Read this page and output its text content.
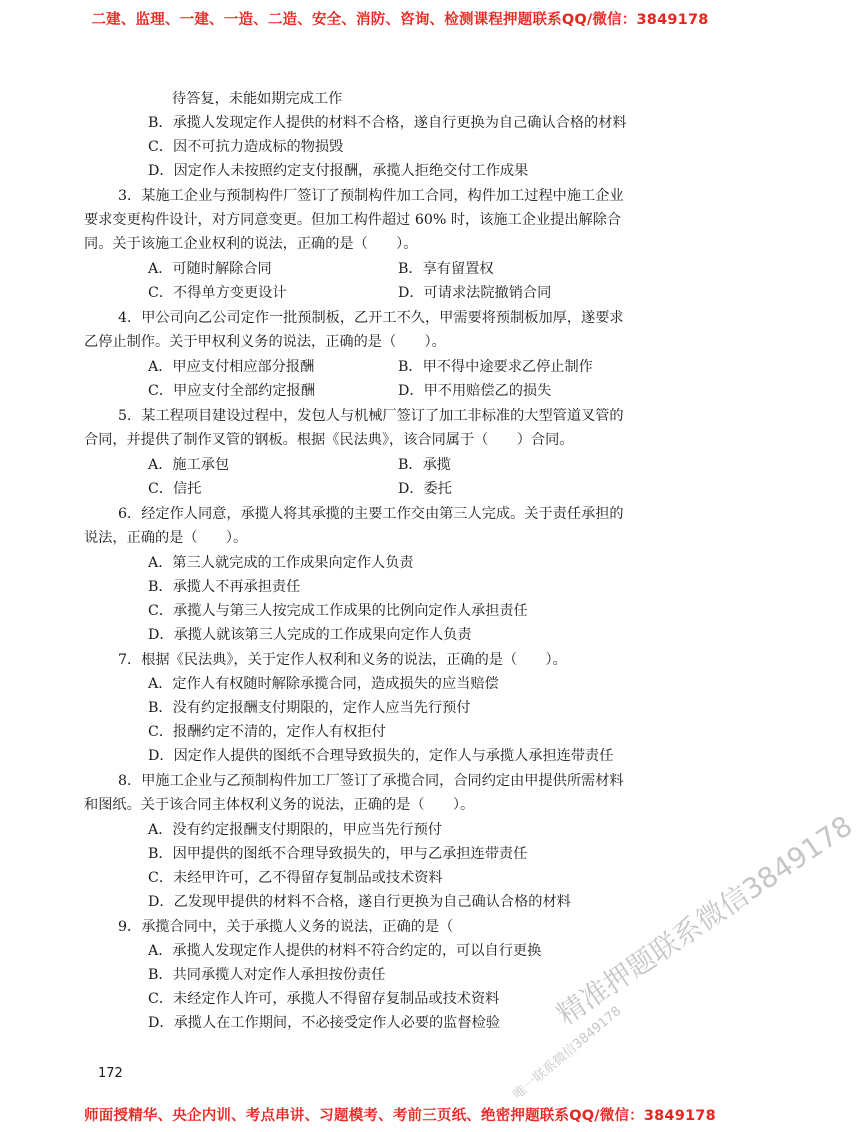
二建、监理、一建、一造、二造、安全、消防、咨询、检测课程押题联系QQ/微信：3849178
待答复，未能如期完成工作
B．承揽人发现定作人提供的材料不合格，遂自行更换为自己确认合格的材料
C．因不可抗力造成标的物损毁
D．因定作人未按照约定支付报酬，承揽人拒绝交付工作成果
3．某施工企业与预制构件厂签订了预制构件加工合同，构件加工过程中施工企业
要求变更构件设计，对方同意变更。但加工构件超过 60% 时，该施工企业提出解除合
同。关于该施工企业权利的说法，正确的是（　　）。
A．可随时解除合同	B．享有留置权
C．不得单方变更设计	D．可请求法院撤销合同
4．甲公司向乙公司定作一批预制板，乙开工不久，甲需要将预制板加厚，遂要求
乙停止制作。关于甲权利义务的说法，正确的是（　　）。
A．甲应支付相应部分报酬	B．甲不得中途要求乙停止制作
C．甲应支付全部约定报酬	D．甲不用赔偿乙的损失
5．某工程项目建设过程中，发包人与机械厂签订了加工非标准的大型管道叉管的
合同，并提供了制作叉管的钢板。根据《民法典》，该合同属于（　　）合同。
A．施工承包	B．承揽
C．信托	D．委托
6．经定作人同意，承揽人将其承揽的主要工作交由第三人完成。关于责任承担的
说法，正确的是（　　）。
A．第三人就完成的工作成果向定作人负责
B．承揽人不再承担责任
C．承揽人与第三人按完成工作成果的比例向定作人承担责任
D．承揽人就该第三人完成的工作成果向定作人负责
7．根据《民法典》，关于定作人权利和义务的说法，正确的是（　　）。
A．定作人有权随时解除承揽合同，造成损失的应当赔偿
B．没有约定报酬支付期限的，定作人应当先行预付
C．报酬约定不清的，定作人有权拒付
D．因定作人提供的图纸不合理导致损失的，定作人与承揽人承担连带责任
8．甲施工企业与乙预制构件加工厂签订了承揽合同，合同约定由甲提供所需材料
和图纸。关于该合同主体权利义务的说法，正确的是（　　）。
A．没有约定报酬支付期限的，甲应当先行预付
B．因甲提供的图纸不合理导致损失的，甲与乙承担连带责任
C．未经甲许可，乙不得留存复制品或技术资料
D．乙发现甲提供的材料不合格，遂自行更换为自己确认合格的材料
9．承揽合同中，关于承揽人义务的说法，正确的是（
A．承揽人发现定作人提供的材料不符合约定的，可以自行更换
B．共同承揽人对定作人承担按份责任
C．未经定作人许可，承揽人不得留存复制品或技术资料
D．承揽人在工作期间，不必接受定作人必要的监督检验
172
精准押题联系微信3849178
唯一联系微信3849178
师面授精华、央企内训、考点串讲、习题模考、考前三页纸、绝密押题联系QQ/微信：3849178
